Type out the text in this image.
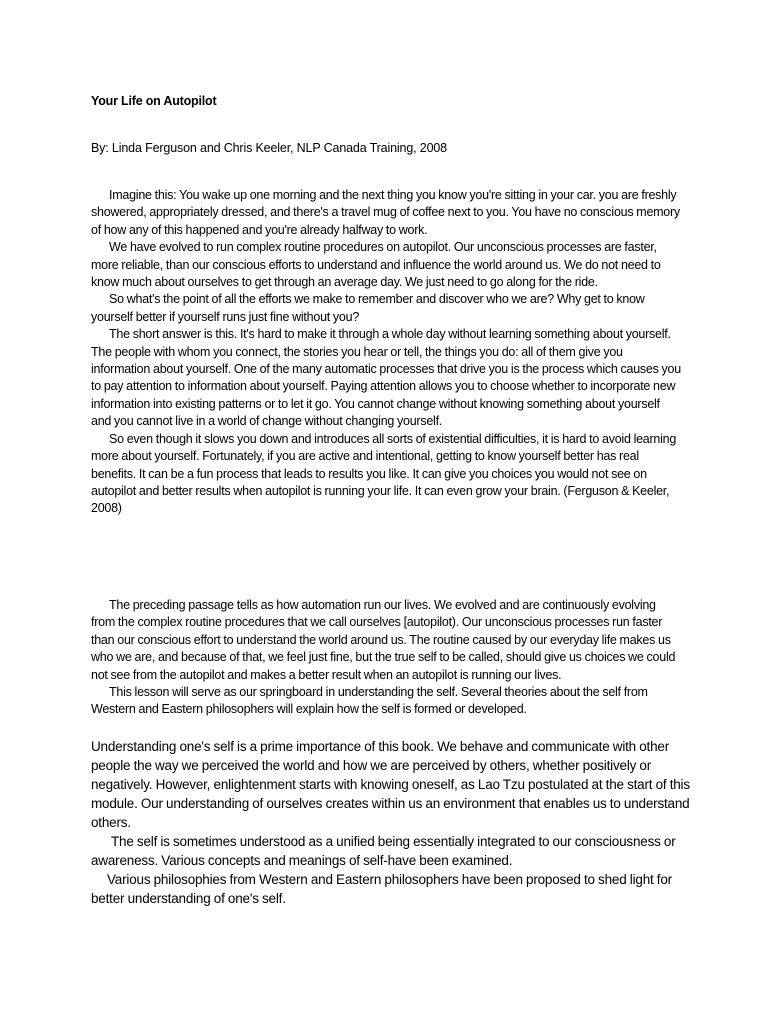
Your Life on Autopilot
By: Linda Ferguson and Chris Keeler, NLP Canada Training, 2008

Imagine this: You wake up one morning and the next thing you know you're sitting in your car. you are freshly showered, appropriately dressed, and there's a travel mug of coffee next to you. You have no conscious memory of how any of this happened and you're already halfway to work.

We have evolved to run complex routine procedures on autopilot. Our unconscious processes are faster, more reliable, than our conscious efforts to understand and influence the world around us. We do not need to know much about ourselves to get through an average day. We just need to go along for the ride.

So what's the point of all the efforts we make to remember and discover who we are? Why get to know yourself better if yourself runs just fine without you?

The short answer is this. It's hard to make it through a whole day without learning something about yourself. The people with whom you connect, the stories you hear or tell, the things you do: all of them give you information about yourself. One of the many automatic processes that drive you is the process which causes you to pay attention to information about yourself. Paying attention allows you to choose whether to incorporate new information into existing patterns or to let it go. You cannot change without knowing something about yourself and you cannot live in a world of change without changing yourself.

So even though it slows you down and introduces all sorts of existential difficulties, it is hard to avoid learning more about yourself. Fortunately, if you are active and intentional, getting to know yourself better has real benefits. It can be a fun process that leads to results you like. It can give you choices you would not see on autopilot and better results when autopilot is running your life. It can even grow your brain. (Ferguson & Keeler, 2008)

The preceding passage tells as how automation run our lives. We evolved and are continuously evolving from the complex routine procedures that we call ourselves [autopilot). Our unconscious processes run faster than our conscious effort to understand the world around us. The routine caused by our everyday life makes us who we are, and because of that, we feel just fine, but the true self to be called, should give us choices we could not see from the autopilot and makes a better result when an autopilot is running our lives.

This lesson will serve as our springboard in understanding the self. Several theories about the self from Western and Eastern philosophers will explain how the self is formed or developed.

Understanding one's self is a prime importance of this book. We behave and communicate with other people the way we perceived the world and how we are perceived by others, whether positively or negatively. However, enlightenment starts with knowing oneself, as Lao Tzu postulated at the start of this module. Our understanding of ourselves creates within us an environment that enables us to understand others.

The self is sometimes understood as a unified being essentially integrated to our consciousness or awareness. Various concepts and meanings of self-have been examined.

Various philosophies from Western and Eastern philosophers have been proposed to shed light for better understanding of one's self.
